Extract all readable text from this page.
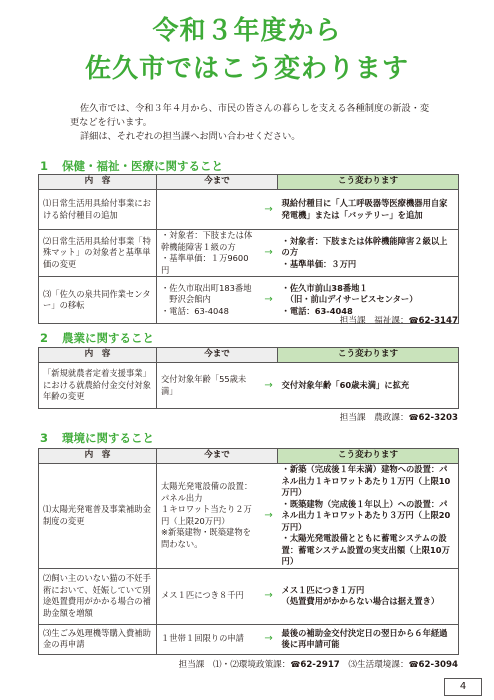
令和３年度から
佐久市ではこう変わります

佐久市では、令和３年４月から、市民の皆さんの暮らしを支える各種制度の新設・変更などを行います。

詳細は、それぞれの担当課へお問い合わせください。

1 保健・福祉・医療に関すること
内　容	今まで		こう変わります
⑴日常生活用具給付事業における給付種目の追加		→	現給付種目に「人工呼吸器等医療機器用自家発電機」または「バッテリー」を追加
⑵日常生活用具給付事業「特殊マット」の対象者と基準単価の変更	・対象者：下肢または体幹機能障害１級の方
・基準単価：１万9600円	→	・対象者：下肢または体幹機能障害２級以上の方
・基準単価：３万円
⑶「佐久の泉共同作業センター」の移転	・佐久市取出町183番地
　野沢会館内
・電話：63-4048	→	・佐久市前山38番地１
　（旧・前山デイサービスセンター）
・電話：63-4048
担当課　 福祉課：☎62-3147
2 農業に関すること
内　容	今まで		こう変わります
「新規就農者定着支援事業」における就農給付金交付対象年齢の変更	交付対象年齢「55歳未満」	→	交付対象年齢「60歳未満」に拡充
担当課　 農政課：☎62-3203
3 環境に関すること
内　容	今まで		こう変わります
⑴太陽光発電普及事業補助金制度の変更	太陽光発電設備の設置：
パネル出力
１キロワット当たり２万円（上限20万円）
※新築建物・既築建物を問わない。	→	・新築（完成後１年未満）建物への設置：パネル出力１キロワットあたり１万円（上限10万円）
・既築建物（完成後１年以上）への設置：パネル出力１キロワットあたり３万円（上限20万円）
・太陽光発電設備とともに蓄電システムの設置：蓄電システム設置の実支出額（上限10万円）
⑵飼い主のいない猫の不妊手術において、妊娠していて別途処置費用がかかる場合の補助金額を増額	メス１匹につき８千円	→	メス１匹につき１万円
（処置費用がかからない場合は据え置き）
⑶生ごみ処理機等購入費補助金の再申請	１世帯１回限りの申請	→	最後の補助金交付決定日の翌日から６年経過後に再申請可能
担当課　 ⑴・⑵環境政策課：☎62-2917　 ⑶生活環境課：☎62-3094
4
